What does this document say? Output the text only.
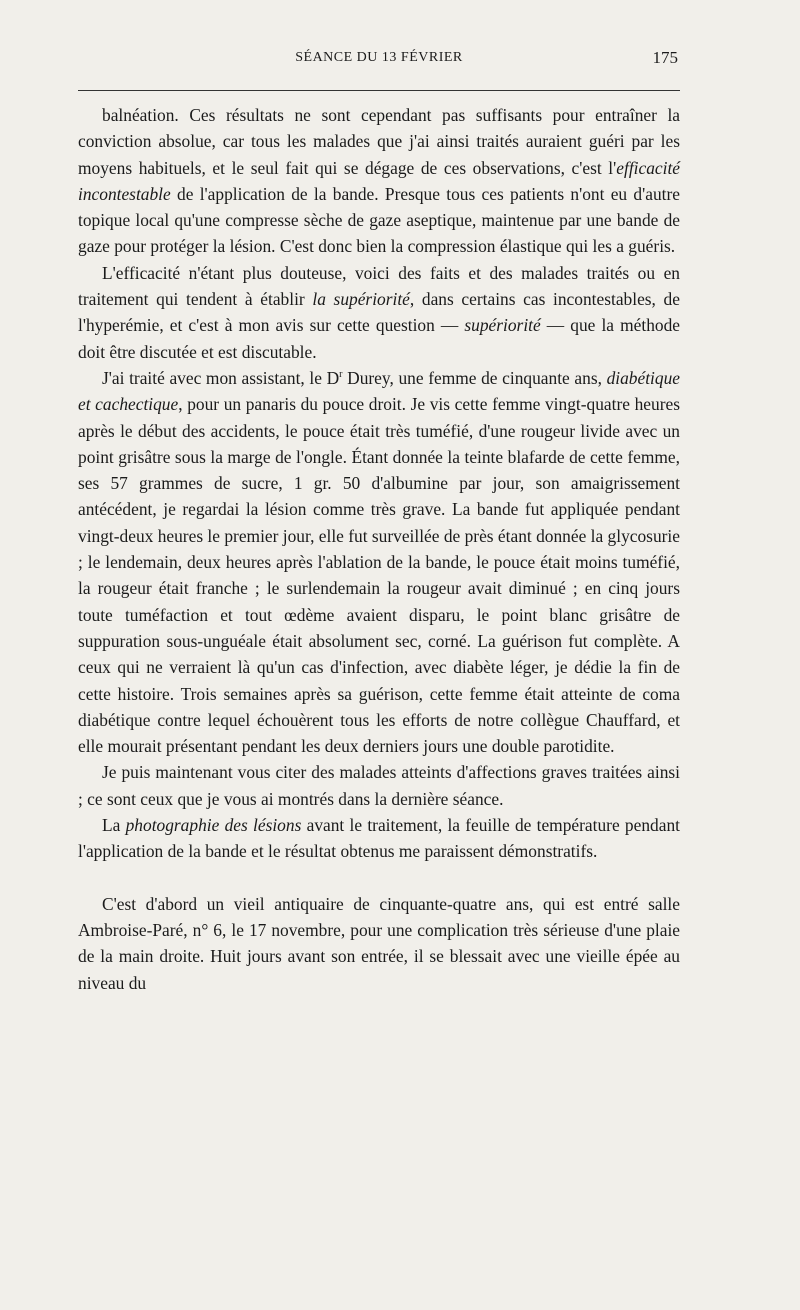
SÉANCE DU 13 FÉVRIER	175

balnéation. Ces résultats ne sont cependant pas suffisants pour entraîner la conviction absolue, car tous les malades que j'ai ainsi traités auraient guéri par les moyens habituels, et le seul fait qui se dégage de ces observations, c'est l'efficacité incontestable de l'application de la bande. Presque tous ces patients n'ont eu d'autre topique local qu'une compresse sèche de gaze aseptique, maintenue par une bande de gaze pour protéger la lésion. C'est donc bien la compression élastique qui les a guéris.

L'efficacité n'étant plus douteuse, voici des faits et des malades traités ou en traitement qui tendent à établir la supériorité, dans certains cas incontestables, de l'hyperémie, et c'est à mon avis sur cette question — supériorité — que la méthode doit être discutée et est discutable.

J'ai traité avec mon assistant, le $D^r$ Durey, une femme de cinquante ans, diabétique et cachectique, pour un panaris du pouce droit. Je vis cette femme vingt-quatre heures après le début des accidents, le pouce était très tuméfié, d'une rougeur livide avec un point grisâtre sous la marge de l'ongle. Étant donnée la teinte blafarde de cette femme, ses 57 grammes de sucre, 1 gr. 50 d'albumine par jour, son amaigrissement antécédent, je regardai la lésion comme très grave. La bande fut appliquée pendant vingt-deux heures le premier jour, elle fut surveillée de près étant donnée la glycosurie ; le lendemain, deux heures après l'ablation de la bande, le pouce était moins tuméfié, la rougeur était franche ; le surlendemain la rougeur avait diminué ; en cinq jours toute tuméfaction et tout œdème avaient disparu, le point blanc grisâtre de suppuration sous-unguéale était absolument sec, corné. La guérison fut complète. A ceux qui ne verraient là qu'un cas d'infection, avec diabète léger, je dédie la fin de cette histoire. Trois semaines après sa guérison, cette femme était atteinte de coma diabétique contre lequel échouèrent tous les efforts de notre collègue Chauffard, et elle mourait présentant pendant les deux derniers jours une double parotidite.

Je puis maintenant vous citer des malades atteints d'affections graves traitées ainsi ; ce sont ceux que je vous ai montrés dans la dernière séance.

La photographie des lésions avant le traitement, la feuille de température pendant l'application de la bande et le résultat obtenus me paraissent démonstratifs.

C'est d'abord un vieil antiquaire de cinquante-quatre ans, qui est entré salle Ambroise-Paré, n° 6, le 17 novembre, pour une complication très sérieuse d'une plaie de la main droite. Huit jours avant son entrée, il se blessait avec une vieille épée au niveau du
